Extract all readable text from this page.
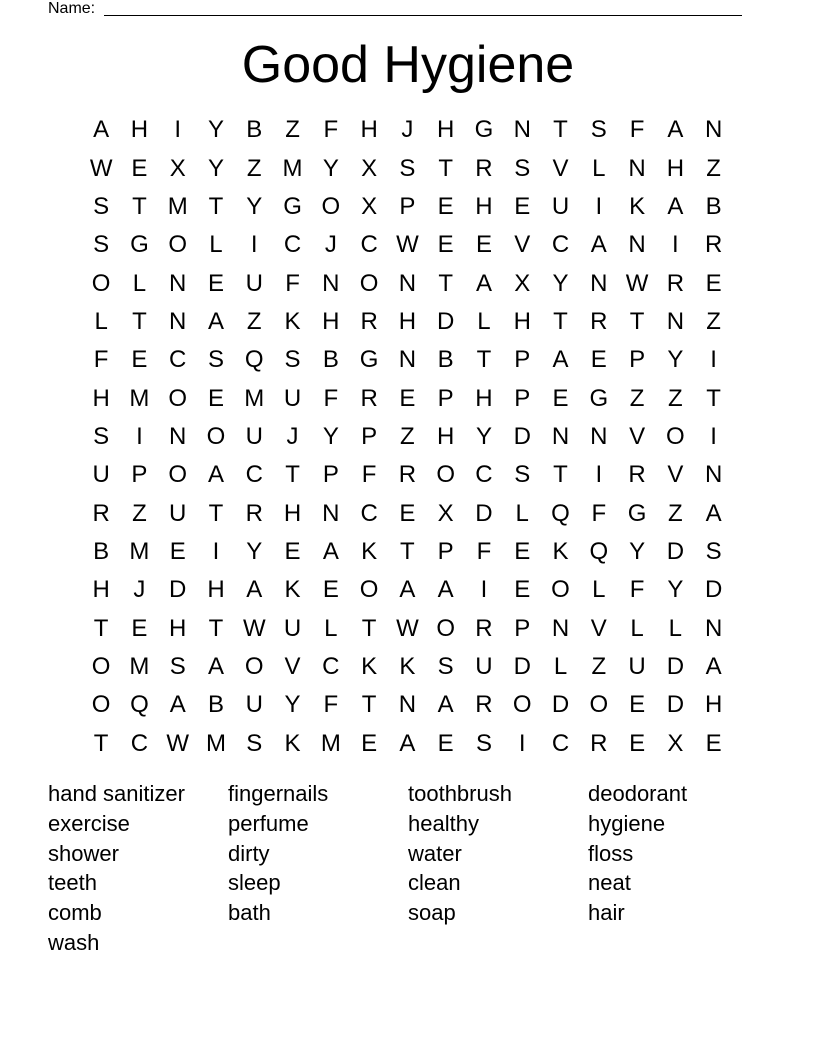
Name:
Good Hygiene
A H	I	Y B Z F H J H G N T S F A N
W E X Y Z M Y X S T R S V L N H Z
S T M T Y G O X P E H E U	I	K A B
S G O L	I	C J C W E E V C A N	I	R
O L N E U F N O N T A X Y N W R E
L	T N A Z K H R H D L H T R T N Z
F E C S Q S B G N B T P A E P Y	I
H M O E M U F R E P H P E G Z Z T
S	I	N O U J	Y P Z H Y D N N V O	I
U P O A C T P F R O C S T	I	R V N
R Z U T R H N C E X D L Q F G Z A
B M E	I	Y E A K T P F E K Q Y D S
H J D H A K E O A A	I	E O L	F Y D
T E H T W U L	T W O R P N V L	L N
O M S A O V C K K S U D L	Z U D A
O Q A B U Y F T N A R O D O E D H
T C W M S K M E A E S	I	C R E X E
hand sanitizer	fingernails	toothbrush	deodorant
exercise	perfume	healthy	hygiene
shower	dirty	water	floss
teeth	sleep	clean	neat
comb	bath	soap	hair
wash
